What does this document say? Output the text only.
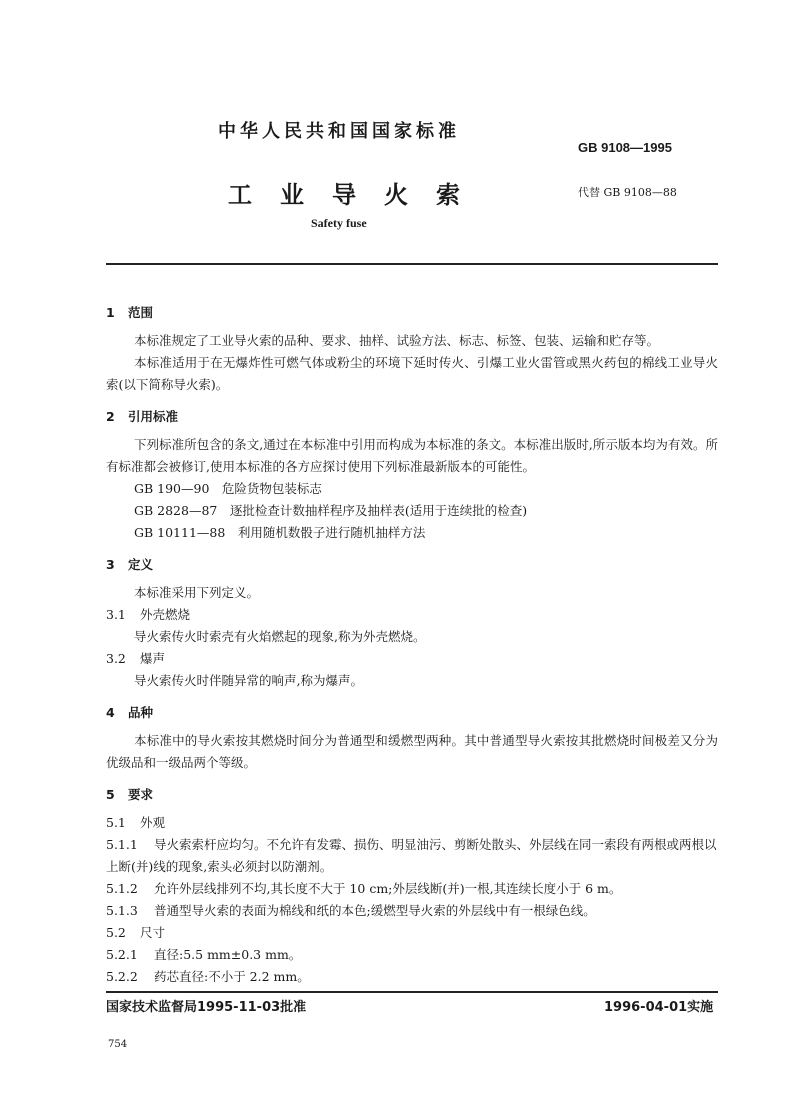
中华人民共和国国家标准
GB 9108—1995
工业导火索	代替 GB 9108—88
Safety fuse
1 范围
本标准规定了工业导火索的品种、要求、抽样、试验方法、标志、标签、包装、运输和贮存等。
本标准适用于在无爆炸性可燃气体或粉尘的环境下延时传火、引爆工业火雷管或黑火药包的棉线工业导火索(以下简称导火索)。
2 引用标准
下列标准所包含的条文,通过在本标准中引用而构成为本标准的条文。本标准出版时,所示版本均为有效。所有标准都会被修订,使用本标准的各方应探讨使用下列标准最新版本的可能性。
GB 190—90　危险货物包装标志
GB 2828—87　逐批检查计数抽样程序及抽样表(适用于连续批的检查)
GB 10111—88　利用随机数骰子进行随机抽样方法
3 定义
本标准采用下列定义。
3.1 外壳燃烧
导火索传火时索壳有火焰燃起的现象,称为外壳燃烧。
3.2 爆声
导火索传火时伴随异常的响声,称为爆声。
4 品种
本标准中的导火索按其燃烧时间分为普通型和缓燃型两种。其中普通型导火索按其批燃烧时间极差又分为优级品和一级品两个等级。
5 要求
5.1 外观
5.1.1 导火索索杆应均匀。不允许有发霉、损伤、明显油污、剪断处散头、外层线在同一索段有两根或两根以上断(并)线的现象,索头必须封以防潮剂。
5.1.2 允许外层线排列不均,其长度不大于 10 cm;外层线断(并)一根,其连续长度小于 6 m。
5.1.3 普通型导火索的表面为棉线和纸的本色;缓燃型导火索的外层线中有一根绿色线。
5.2 尺寸
5.2.1 直径:5.5 mm±0.3 mm。
5.2.2 药芯直径:不小于 2.2 mm。
国家技术监督局1995-11-03批准	1996-04-01实施
754
